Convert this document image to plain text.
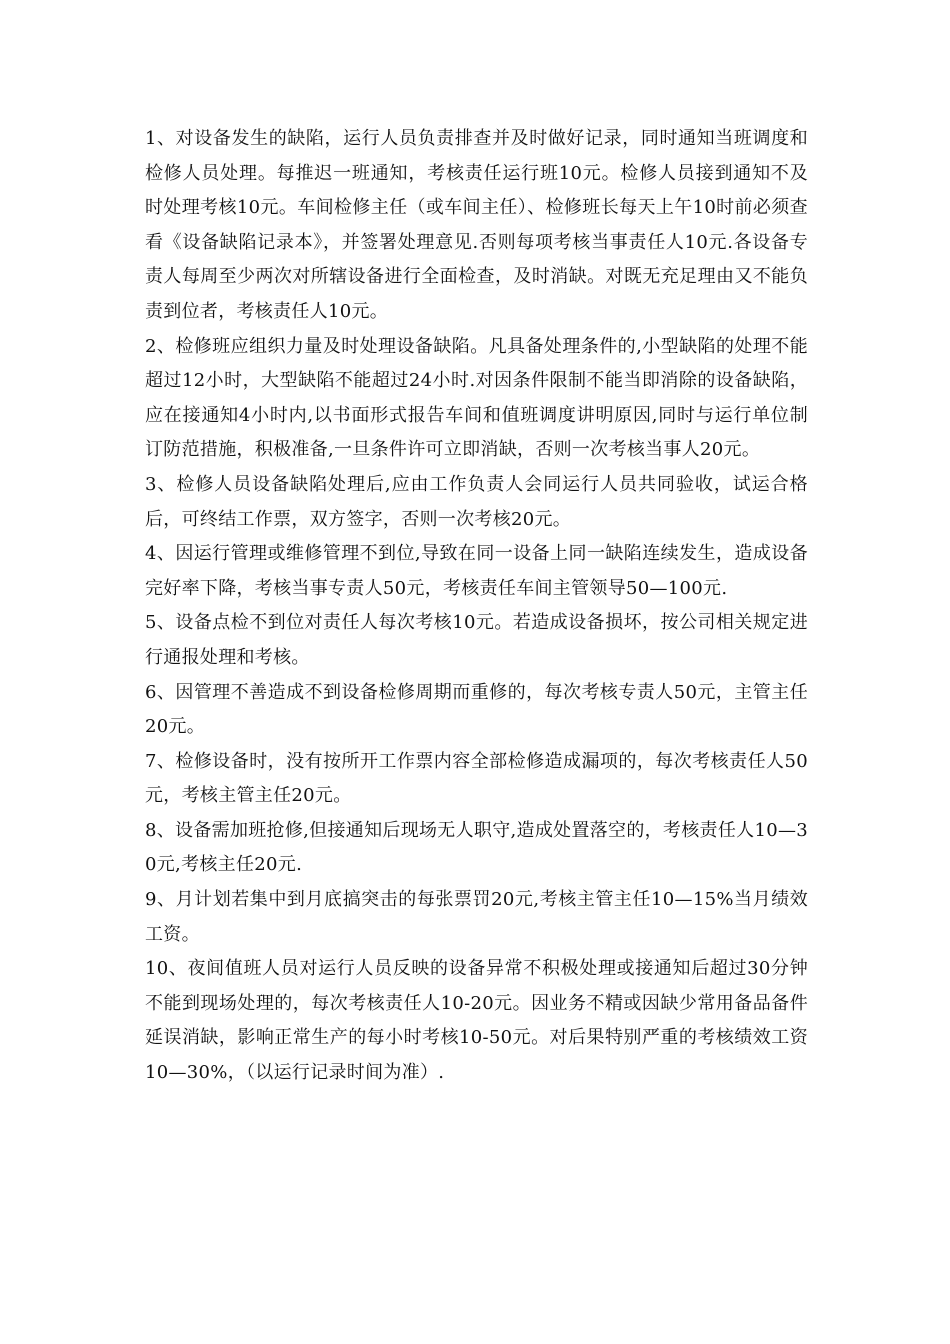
1、对设备发生的缺陷，运行人员负责排查并及时做好记录，同时通知当班调度和检修人员处理。每推迟一班通知，考核责任运行班10元。检修人员接到通知不及时处理考核10元。车间检修主任（或车间主任）、检修班长每天上午10时前必须查看《设备缺陷记录本》，并签署处理意见.否则每项考核当事责任人10元.各设备专责人每周至少两次对所辖设备进行全面检查，及时消缺。对既无充足理由又不能负责到位者，考核责任人10元。

2、检修班应组织力量及时处理设备缺陷。凡具备处理条件的,小型缺陷的处理不能超过12小时，大型缺陷不能超过24小时.对因条件限制不能当即消除的设备缺陷，应在接通知4小时内,以书面形式报告车间和值班调度讲明原因,同时与运行单位制订防范措施，积极准备,一旦条件许可立即消缺，否则一次考核当事人20元。

3、检修人员设备缺陷处理后,应由工作负责人会同运行人员共同验收，试运合格后，可终结工作票，双方签字，否则一次考核20元。

4、因运行管理或维修管理不到位,导致在同一设备上同一缺陷连续发生，造成设备完好率下降，考核当事专责人50元，考核责任车间主管领导50—100元.

5、设备点检不到位对责任人每次考核10元。若造成设备损坏，按公司相关规定进行通报处理和考核。

6、因管理不善造成不到设备检修周期而重修的，每次考核专责人50元，主管主任20元。

7、检修设备时，没有按所开工作票内容全部检修造成漏项的，每次考核责任人50元，考核主管主任20元。

8、设备需加班抢修,但接通知后现场无人职守,造成处置落空的，考核责任人10—30元,考核主任20元.

9、月计划若集中到月底搞突击的每张票罚20元,考核主管主任10—15%当月绩效工资。

10、夜间值班人员对运行人员反映的设备异常不积极处理或接通知后超过30分钟不能到现场处理的，每次考核责任人10-20元。因业务不精或因缺少常用备品备件延误消缺，影响正常生产的每小时考核10-50元。对后果特别严重的考核绩效工资10—30%，（以运行记录时间为准）.
